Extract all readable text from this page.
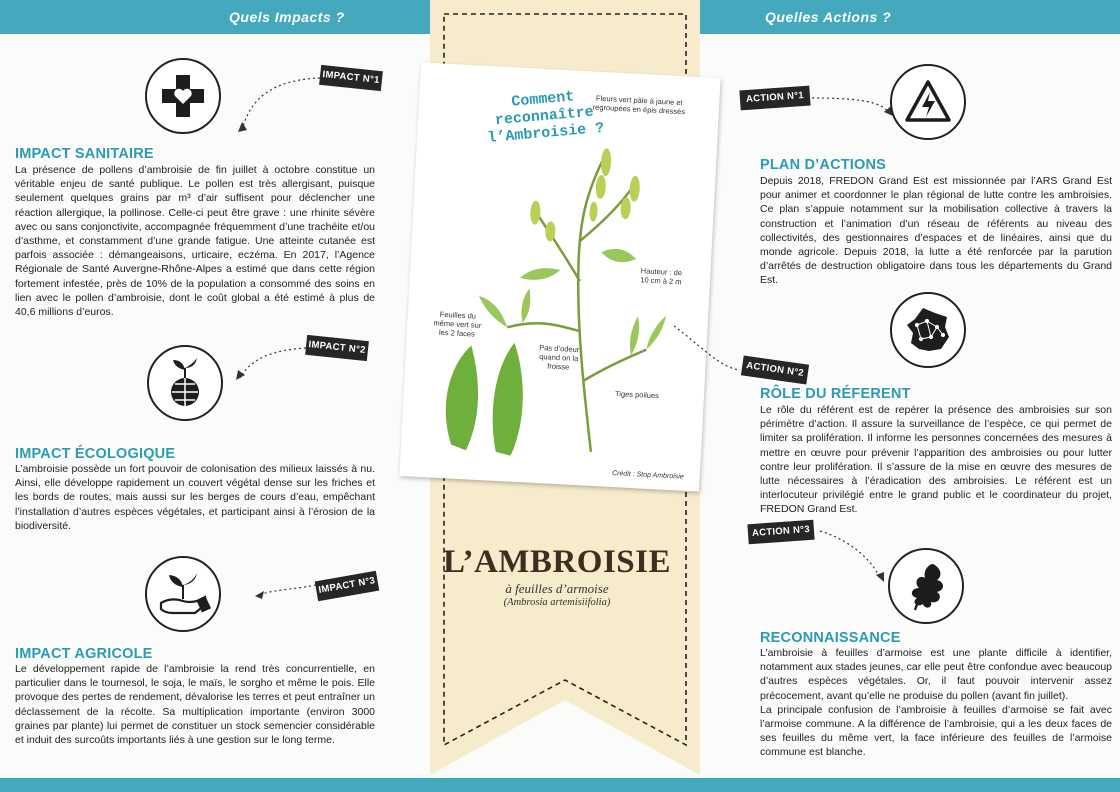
Quels Impacts ?	Quelles Actions ?
Comment reconnaître l’Ambroisie ?
Fleurs vert pâle à jaune et regroupées en épis dressés
Hauteur : de 10 cm à 2 m
Feuilles du même vert sur les 2 faces
Pas d’odeur quand on la froisse
Tiges poilues
Crédit : Stop Ambroisie
L’AMBROISIE
à feuilles d’armoise
(Ambrosia artemisiifolia)
IMPACT N°1
IMPACT SANITAIRE

La présence de pollens d’ambroisie de fin juillet à octobre constitue un véritable enjeu de santé publique. Le pollen est très allergisant, puisque seulement quelques grains par m³ d’air suffisent pour déclencher une réaction allergique, la pollinose. Celle-ci peut être grave : une rhinite sévère avec ou sans conjonctivite, accompagnée fréquemment d’une trachéite et/ou d’asthme, et constamment d’une grande fatigue. Une atteinte cutanée est parfois associée : démangeaisons, urticaire, eczéma. En 2017, l’Agence Régionale de Santé Auvergne-Rhône-Alpes a estimé que dans cette région fortement infestée, près de 10% de la population a consommé des soins en lien avec le pollen d’ambroisie, dont le coût global a été estimé à plus de 40,6 millions d’euros.

IMPACT N°2
IMPACT ÉCOLOGIQUE

L’ambroisie possède un fort pouvoir de colonisation des milieux laissés à nu. Ainsi, elle développe rapidement un couvert végétal dense sur les friches et les bords de routes, mais aussi sur les berges de cours d’eau, empêchant l’installation d’autres espèces végétales, et participant ainsi à l’érosion de la biodiversité.

IMPACT N°3
IMPACT AGRICOLE

Le développement rapide de l’ambroisie la rend très concurrentielle, en particulier dans le tournesol, le soja, le maïs, le sorgho et même le pois. Elle provoque des pertes de rendement, dévalorise les terres et peut entraîner un déclassement de la récolte. Sa multiplication importante (environ 3000 graines par plante) lui permet de constituer un stock semencier considérable et induit des surcoûts importants liés à une gestion sur le long terme.

ACTION N°1
PLAN D’ACTIONS

Depuis 2018, FREDON Grand Est est missionnée par l’ARS Grand Est pour animer et coordonner le plan régional de lutte contre les ambroisies. Ce plan s’appuie notamment sur la mobilisation collective à travers la construction et l’animation d’un réseau de référents au niveau des collectivités, des gestionnaires d’espaces et de linéaires, ainsi que du monde agricole. Depuis 2018, la lutte a été renforcée par la parution d’arrêtés de destruction obligatoire dans tous les départements du Grand Est.

ACTION N°2
RÔLE DU RÉFERENT

Le rôle du référent est de repérer la présence des ambroisies sur son périmètre d’action. Il assure la surveillance de l’espèce, ce qui permet de limiter sa prolifération. Il informe les personnes concernées des mesures à mettre en œuvre pour prévenir l’apparition des ambroisies ou pour lutter contre leur prolifération. Il s’assure de la mise en œuvre des mesures de lutte nécessaires à l’éradication des ambroisies. Le référent est un interlocuteur privilégié entre le grand public et le coordinateur du projet, FREDON Grand Est.

ACTION N°3
RECONNAISSANCE

L’ambroisie à feuilles d’armoise est une plante difficile à identifier, notamment aux stades jeunes, car elle peut être confondue avec beaucoup d’autres espèces végétales. Or, il faut pouvoir intervenir assez précocement, avant qu’elle ne produise du pollen (avant fin juillet).

La principale confusion de l’ambroisie à feuilles d’armoise se fait avec l’armoise commune. A la différence de l’ambroisie, qui a les deux faces de ses feuilles du même vert, la face inférieure des feuilles de l’armoise commune est blanche.
